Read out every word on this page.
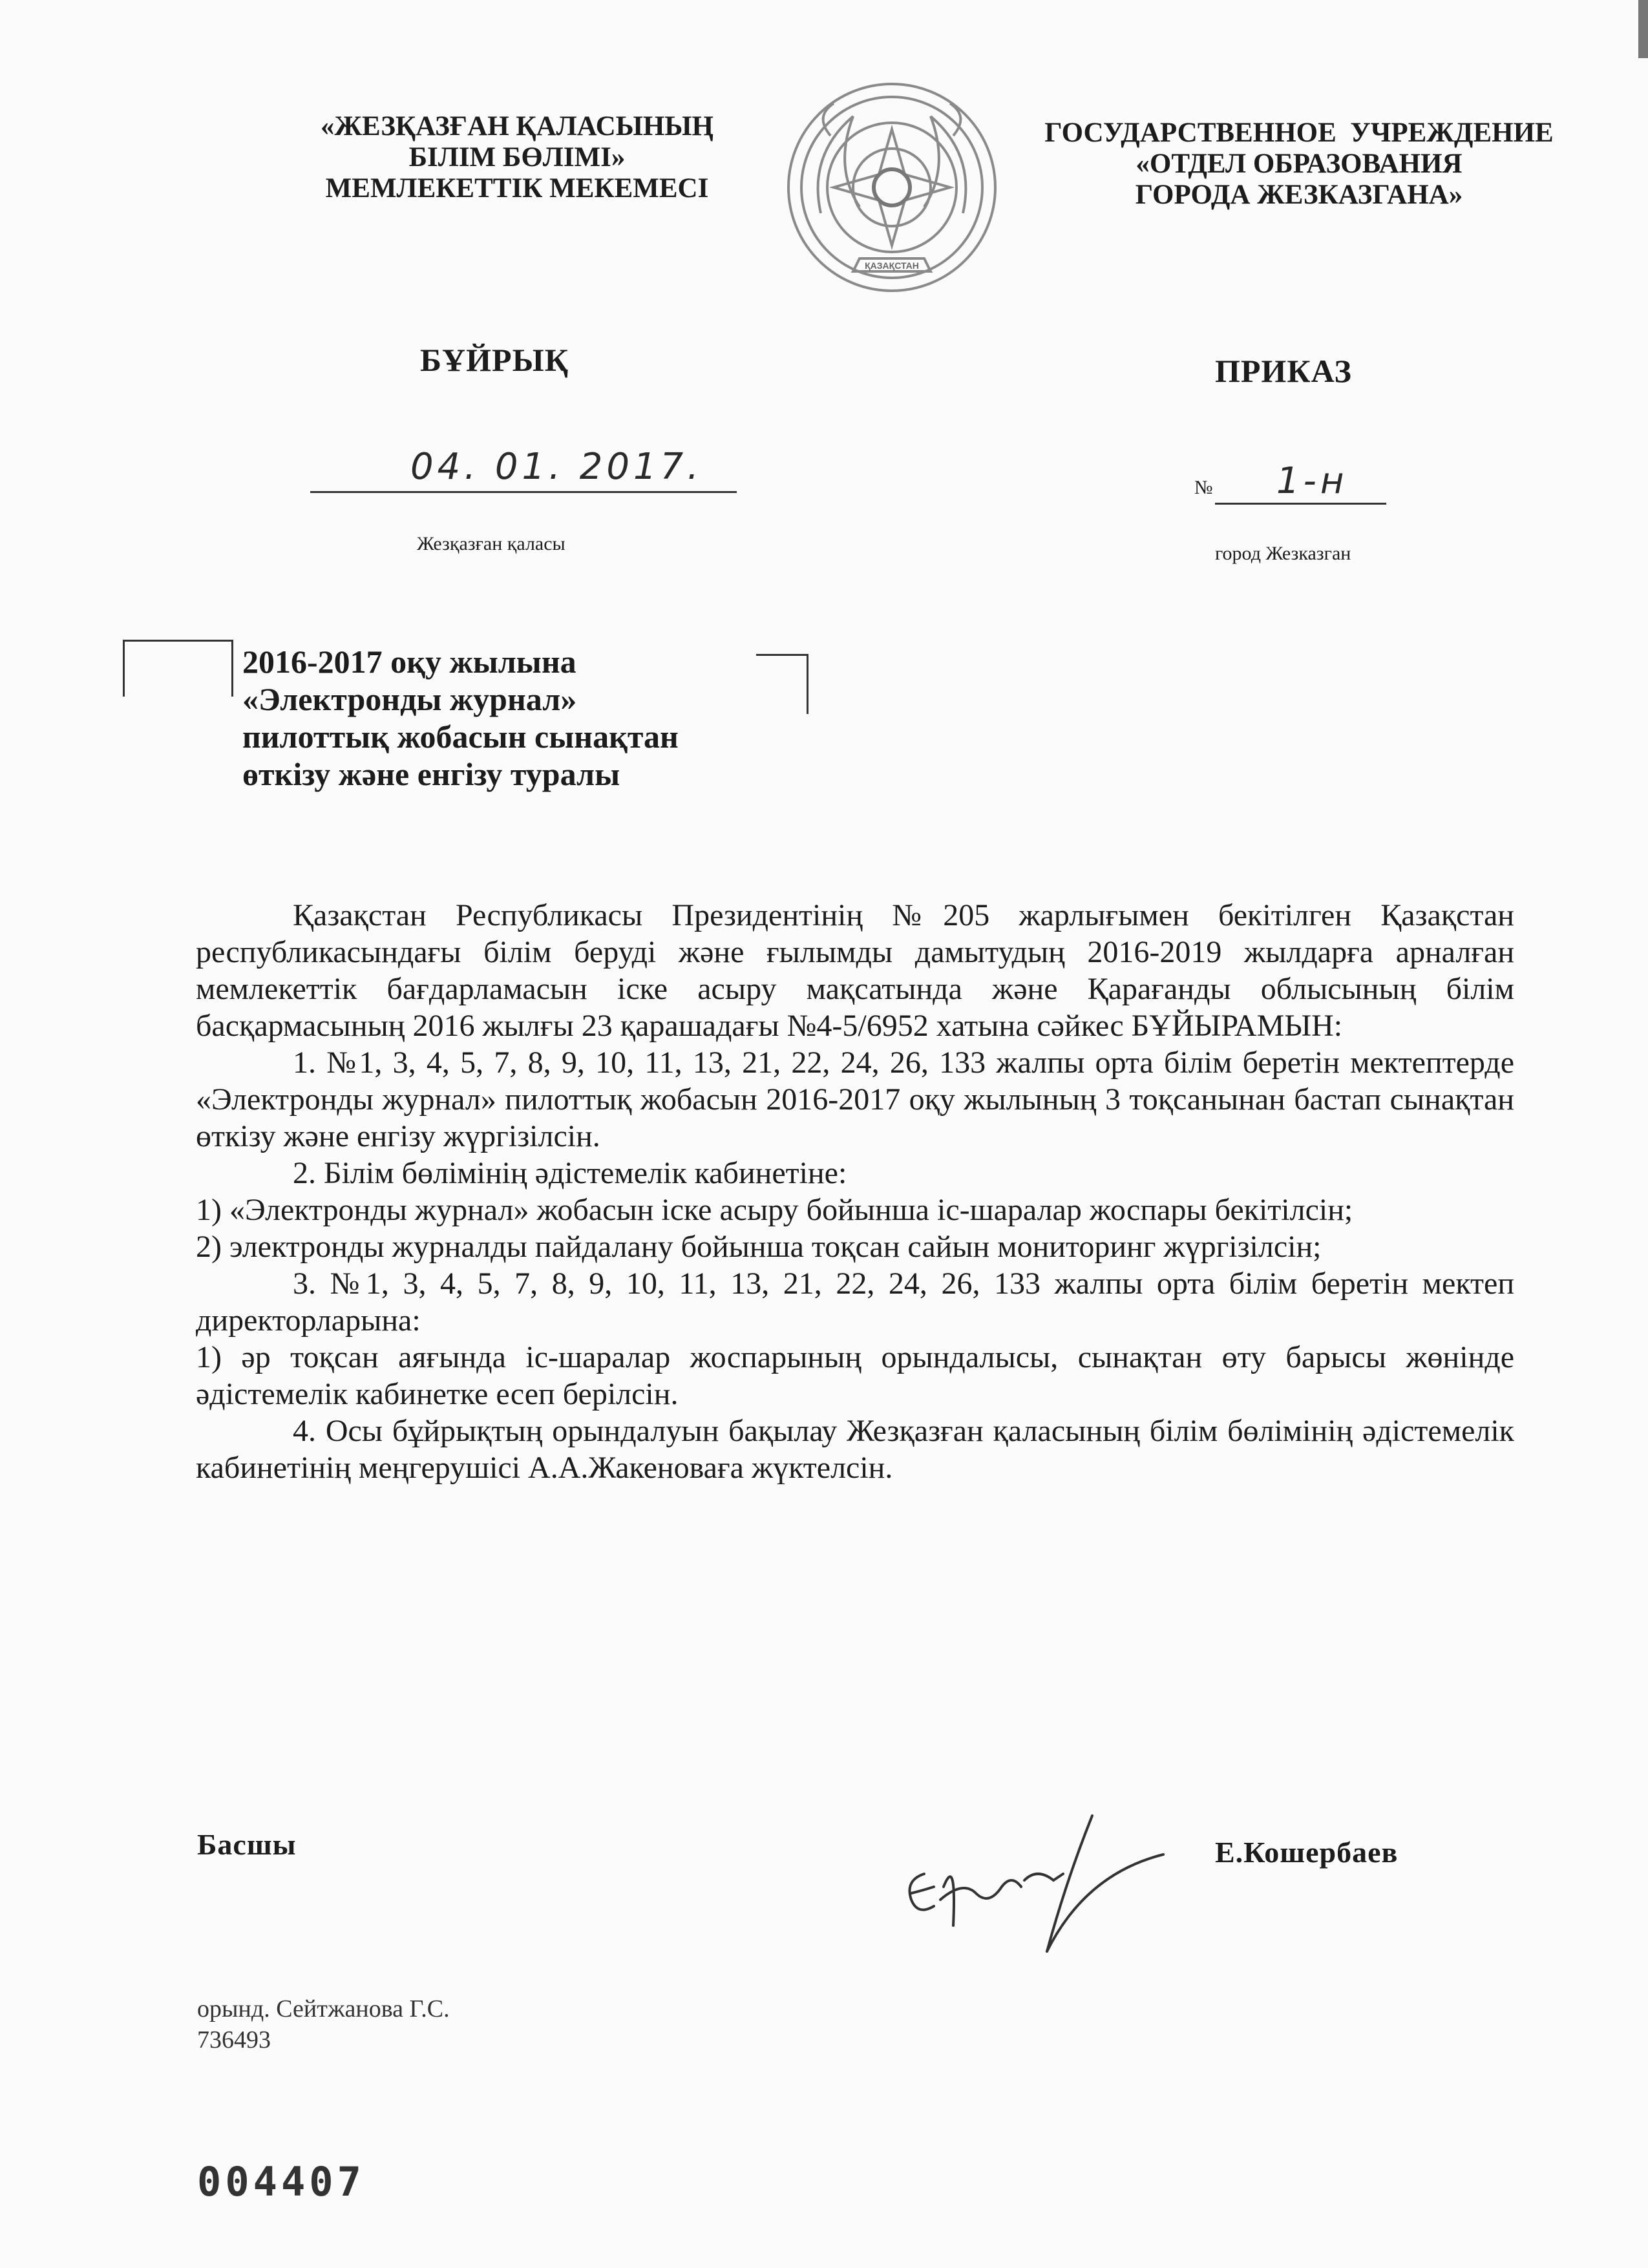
«ЖЕЗҚАЗҒАН ҚАЛАСЫНЫҢ
БІЛІМ БӨЛІМІ»
МЕМЛЕКЕТТІК МЕКЕМЕСІ
ҚАЗАҚСТАН
ГОСУДАРСТВЕННОЕ  УЧРЕЖДЕНИЕ
«ОТДЕЛ ОБРАЗОВАНИЯ
ГОРОДА ЖЕЗКАЗГАНА»
БҰЙРЫҚ	ПРИКАЗ
04. 01. 2017.
Жезқазған қаласы
№ 1-н
город Жезказган
2016-2017 оқу жылына
«Электронды журнал»
пилоттық жобасын сынақтан
өткізу және енгізу туралы

Қазақстан Республикасы Президентінің №205 жарлығымен бекітілген Қазақстан республикасындағы білім беруді және ғылымды дамытудың 2016-2019 жылдарға арналған мемлекеттік бағдарламасын іске асыру мақсатында және Қарағанды облысының білім басқармасының 2016 жылғы 23 қарашадағы №4-5/6952 хатына сәйкес БҰЙЫРАМЫН:

1. №1, 3, 4, 5, 7, 8, 9, 10, 11, 13, 21, 22, 24, 26, 133 жалпы орта білім беретін мектептерде «Электронды журнал» пилоттық жобасын 2016-2017 оқу жылының 3 тоқсанынан бастап сынақтан өткізу және енгізу жүргізілсін.

2. Білім бөлімінің әдістемелік кабинетіне:

1) «Электронды журнал» жобасын іске асыру бойынша іс-шаралар жоспары бекітілсін;

2) электронды журналды пайдалану бойынша тоқсан сайын мониторинг жүргізілсін;

3. №1, 3, 4, 5, 7, 8, 9, 10, 11, 13, 21, 22, 24, 26, 133 жалпы орта білім беретін мектеп директорларына:

1) әр тоқсан аяғында іс-шаралар жоспарының орындалысы, сынақтан өту барысы жөнінде әдістемелік кабинетке есеп берілсін.

4. Осы бұйрықтың орындалуын бақылау Жезқазған қаласының білім бөлімінің әдістемелік кабинетінің меңгерушісі А.А.Жакеноваға жүктелсін.

Басшы	Е.Кошербаев
орынд. Сейтжанова Г.С.
736493
004407
